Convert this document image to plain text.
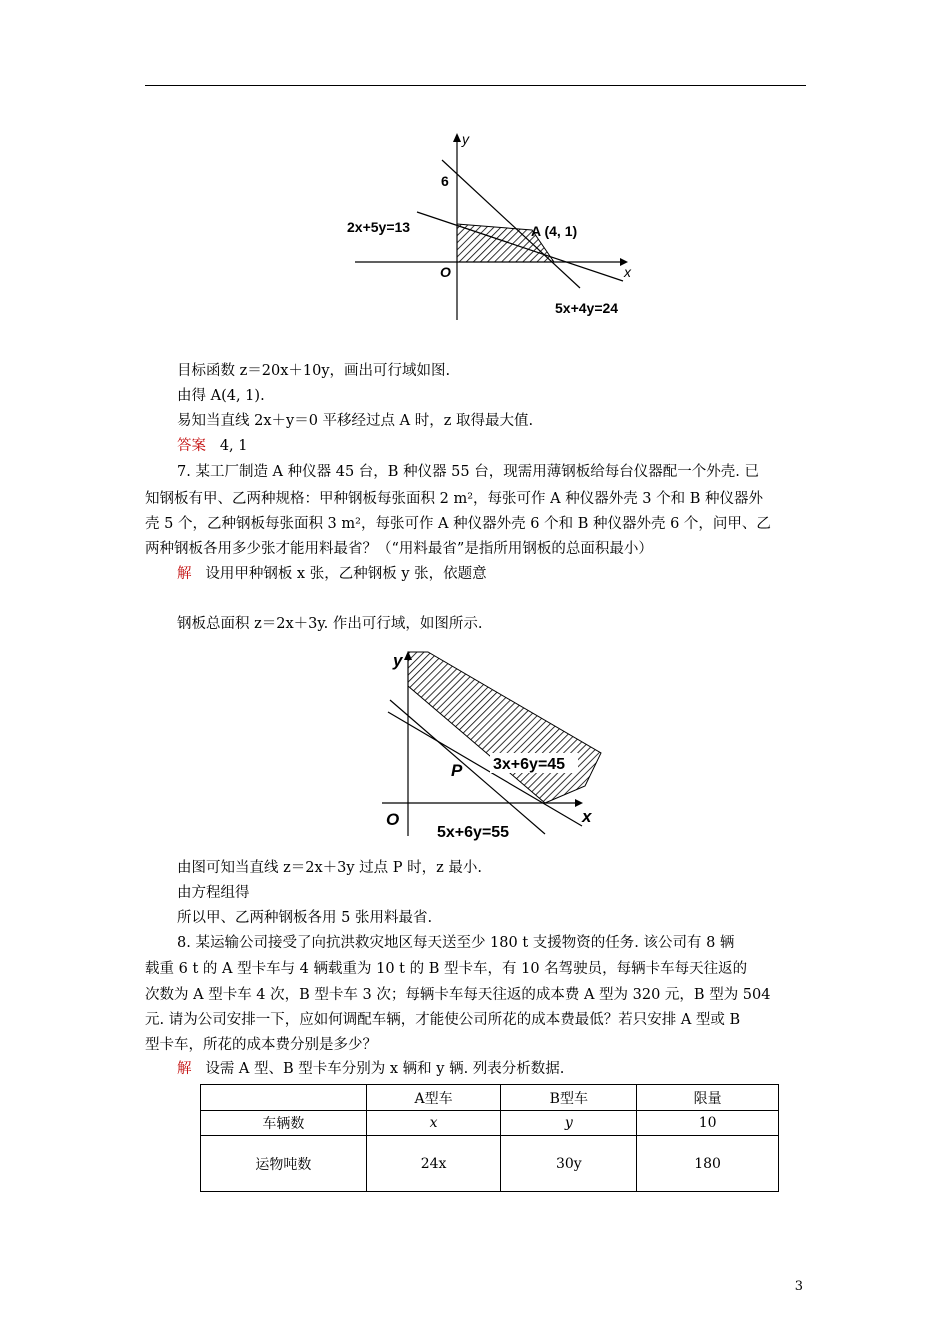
y
6
2x+5y=13	A (4, 1)
O	x
5x+4y=24
目标函数 z＝20x＋10y，画出可行域如图.
由得 A(4, 1).
易知当直线 2x＋y＝0 平移经过点 A 时，z 取得最大值.
答案 4, 1
7. 某工厂制造 A 种仪器 45 台，B 种仪器 55 台，现需用薄钢板给每台仪器配一个外壳. 已
知钢板有甲、乙两种规格：甲种钢板每张面积 2 m²，每张可作 A 种仪器外壳 3 个和 B 种仪器外
壳 5 个，乙种钢板每张面积 3 m²，每张可作 A 种仪器外壳 6 个和 B 种仪器外壳 6 个，问甲、乙
两种钢板各用多少张才能用料最省？（“用料最省”是指所用钢板的总面积最小）
解 设用甲种钢板 x 张，乙种钢板 y 张，依题意
钢板总面积 z＝2x＋3y. 作出可行域，如图所示.
y
3x+6y=45
P
O	x
5x+6y=55
由图可知当直线 z＝2x＋3y 过点 P 时，z 最小.
由方程组得
所以甲、乙两种钢板各用 5 张用料最省.
8. 某运输公司接受了向抗洪救灾地区每天送至少 180 t 支援物资的任务. 该公司有 8 辆
载重 6 t 的 A 型卡车与 4 辆载重为 10 t 的 B 型卡车，有 10 名驾驶员，每辆卡车每天往返的
次数为 A 型卡车 4 次，B 型卡车 3 次；每辆卡车每天往返的成本费 A 型为 320 元，B 型为 504
元. 请为公司安排一下，应如何调配车辆，才能使公司所花的成本费最低？若只安排 A 型或 B
型卡车，所花的成本费分别是多少？
解 设需 A 型、B 型卡车分别为 x 辆和 y 辆. 列表分析数据.
	A型车	B型车	限量
车辆数	x	y	10
运物吨数	24x	30y	180
3
